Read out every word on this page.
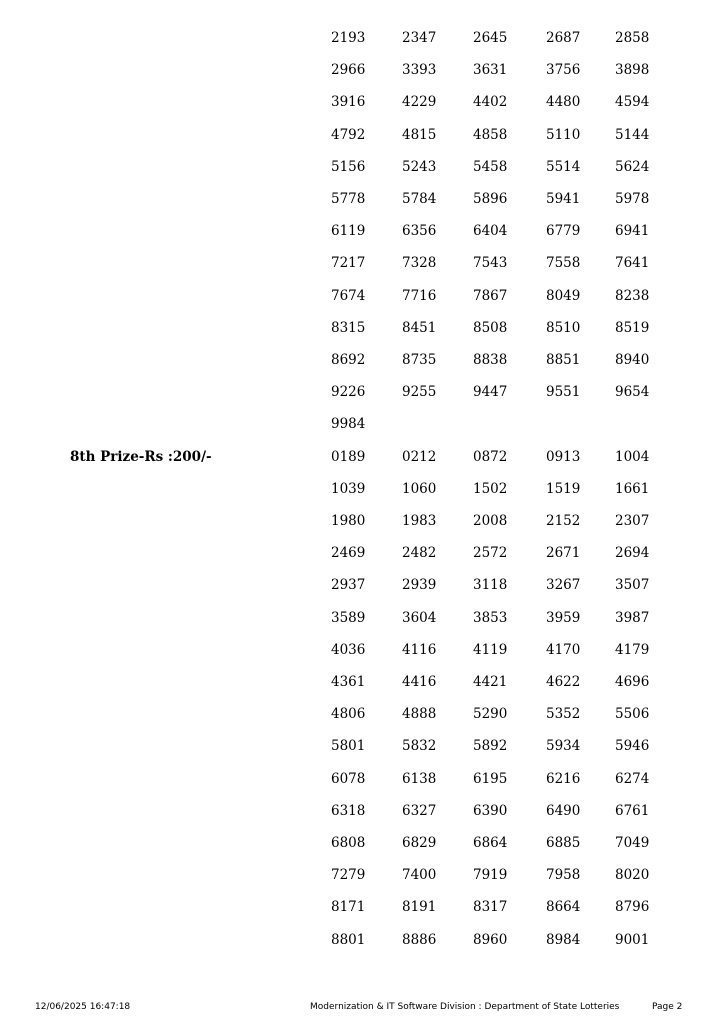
2193	2347	2645	2687	2858
2966	3393	3631	3756	3898
3916	4229	4402	4480	4594
4792	4815	4858	5110	5144
5156	5243	5458	5514	5624
5778	5784	5896	5941	5978
6119	6356	6404	6779	6941
7217	7328	7543	7558	7641
7674	7716	7867	8049	8238
8315	8451	8508	8510	8519
8692	8735	8838	8851	8940
9226	9255	9447	9551	9654
9984
8th Prize-Rs :200/-	0189	0212	0872	0913	1004
1039	1060	1502	1519	1661
1980	1983	2008	2152	2307
2469	2482	2572	2671	2694
2937	2939	3118	3267	3507
3589	3604	3853	3959	3987
4036	4116	4119	4170	4179
4361	4416	4421	4622	4696
4806	4888	5290	5352	5506
5801	5832	5892	5934	5946
6078	6138	6195	6216	6274
6318	6327	6390	6490	6761
6808	6829	6864	6885	7049
7279	7400	7919	7958	8020
8171	8191	8317	8664	8796
8801	8886	8960	8984	9001
12/06/2025 16:47:18	Modernization & IT Software Division : Department of State Lotteries	Page 2
